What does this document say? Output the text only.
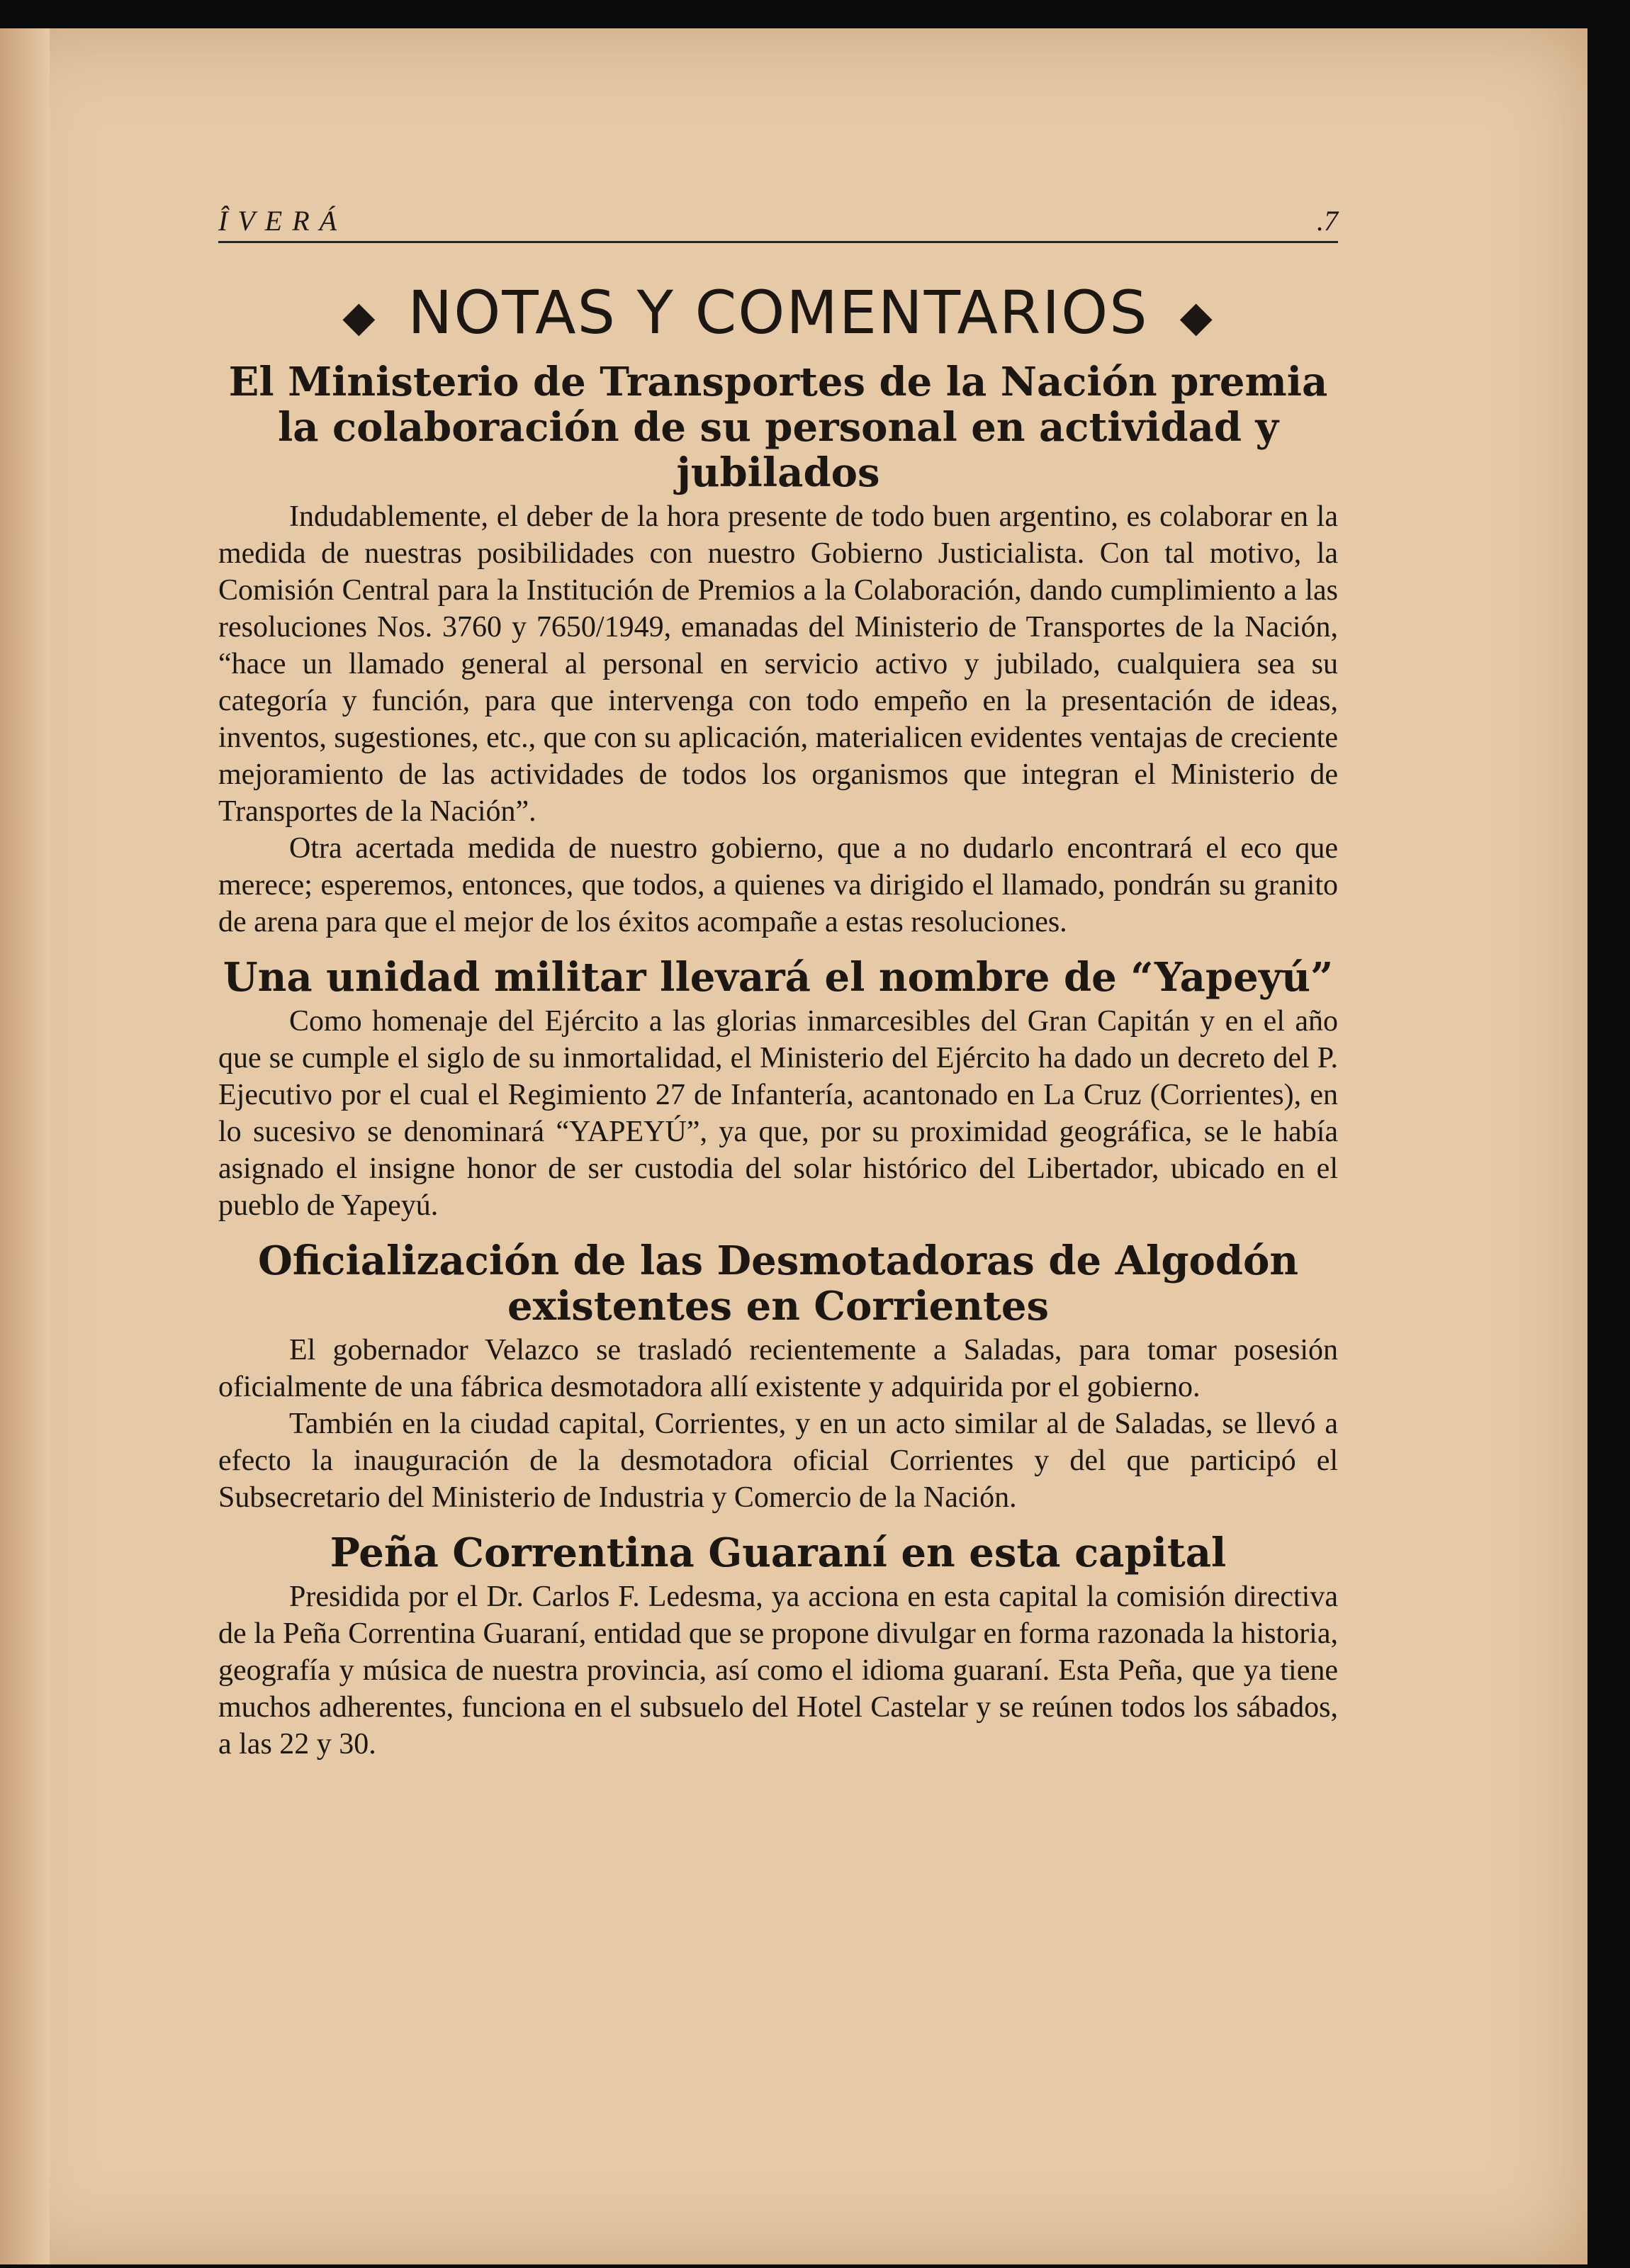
ÎVERÁ	.7
◆ NOTAS Y COMENTARIOS ◆
El Ministerio de Transportes de la Nación premia la colaboración de su personal en actividad y jubilados

Indudablemente, el deber de la hora presente de todo buen argentino, es colaborar en la medida de nuestras posibilidades con nuestro Gobierno Justicialista. Con tal motivo, la Comisión Central para la Institución de Premios a la Colaboración, dando cumplimiento a las resoluciones Nos. 3760 y 7650/1949, emanadas del Ministerio de Transportes de la Nación, “hace un llamado general al personal en servicio activo y jubilado, cualquiera sea su categoría y función, para que intervenga con todo empeño en la presentación de ideas, inventos, sugestiones, etc., que con su aplicación, materialicen evidentes ventajas de creciente mejoramiento de las actividades de todos los organismos que integran el Ministerio de Transportes de la Nación”.

Otra acertada medida de nuestro gobierno, que a no dudarlo encontrará el eco que merece; esperemos, entonces, que todos, a quienes va dirigido el llamado, pondrán su granito de arena para que el mejor de los éxitos acompañe a estas resoluciones.

Una unidad militar llevará el nombre de “Yapeyú”

Como homenaje del Ejército a las glorias inmarcesibles del Gran Capitán y en el año que se cumple el siglo de su inmortalidad, el Ministerio del Ejército ha dado un decreto del P. Ejecutivo por el cual el Regimiento 27 de Infantería, acantonado en La Cruz (Corrientes), en lo sucesivo se denominará “YAPEYÚ”, ya que, por su proximidad geográfica, se le había asignado el insigne honor de ser custodia del solar histórico del Libertador, ubicado en el pueblo de Yapeyú.

Oficialización de las Desmotadoras de Algodón existentes en Corrientes

El gobernador Velazco se trasladó recientemente a Saladas, para tomar posesión oficialmente de una fábrica desmotadora allí existente y adquirida por el gobierno.

También en la ciudad capital, Corrientes, y en un acto similar al de Saladas, se llevó a efecto la inauguración de la desmotadora oficial Corrientes y del que participó el Subsecretario del Ministerio de Industria y Comercio de la Nación.

Peña Correntina Guaraní en esta capital

Presidida por el Dr. Carlos F. Ledesma, ya acciona en esta capital la comisión directiva de la Peña Correntina Guaraní, entidad que se propone divulgar en forma razonada la historia, geografía y música de nuestra provincia, así como el idioma guaraní. Esta Peña, que ya tiene muchos adherentes, funciona en el subsuelo del Hotel Castelar y se reúnen todos los sábados, a las 22 y 30.
